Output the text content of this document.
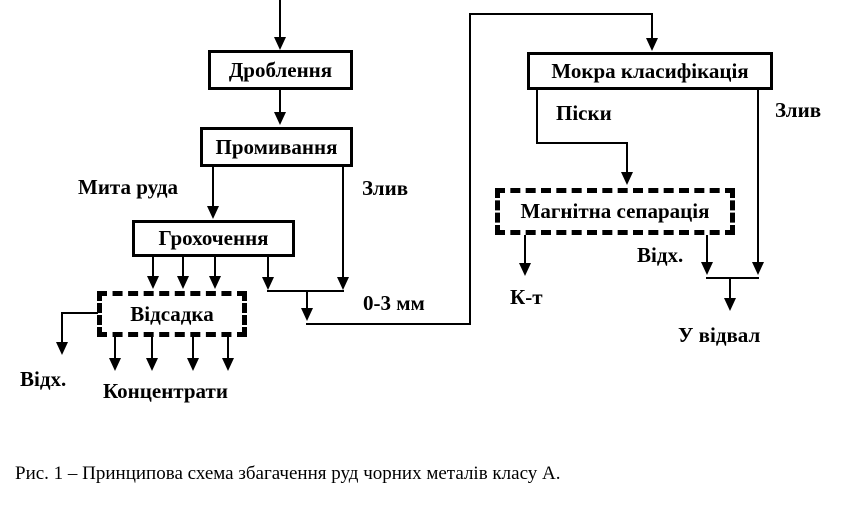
Дроблення
Промивання
Грохочення
Мокра класифікація
Відсадка
Магнітна сепарація
Мита руда	Злив
0-3 мм
Відх. Концентрати
Піски	Злив
Відх.
К-т
У відвал
Рис. 1 – Принципова схема збагачення руд чорних металів класу А.
